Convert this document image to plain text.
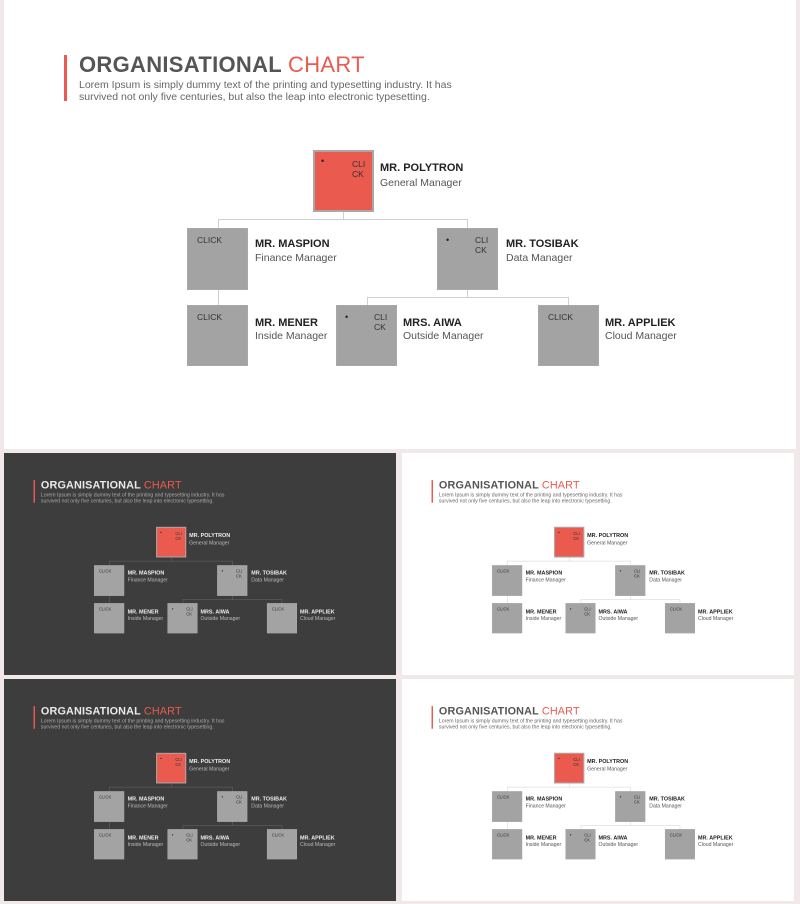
ORGANISATIONAL CHART
Lorem Ipsum is simply dummy text of the printing and typesetting industry. It has survived not only five centuries, but also the leap into electronic typesetting.
•	CLI
CK MR. POLYTRON
General Manager
CLICK	MR. MASPION
Finance Manager
•	CLI
CK MR. TOSIBAK
Data Manager
CLICK	MR. MENER
Inside Manager
•	CLI
CK MRS. AIWA
Outside Manager
CLICK	MR. APPLIEK
Cloud Manager
ORGANISATIONAL CHART
Lorem Ipsum is simply dummy text of the printing and typesetting industry. It has survived not only five centuries, but also the leap into electronic typesetting.
• CLI
CK MR. POLYTRON
General Manager
CLICK MR. MASPION
Finance Manager
• CLI
CK MR. TOSIBAK
Data Manager
CLICK MR. MENER
Inside Manager
• CLI
CK MRS. AIWA
Outside Manager
CLICK MR. APPLIEK
Cloud Manager
ORGANISATIONAL CHART
Lorem Ipsum is simply dummy text of the printing and typesetting industry. It has survived not only five centuries, but also the leap into electronic typesetting.
• CLI
CK MR. POLYTRON
General Manager
CLICK MR. MASPION
Finance Manager
• CLI
CK MR. TOSIBAK
Data Manager
CLICK MR. MENER
Inside Manager
• CLI
CK MRS. AIWA
Outside Manager
CLICK MR. APPLIEK
Cloud Manager
ORGANISATIONAL CHART
Lorem Ipsum is simply dummy text of the printing and typesetting industry. It has survived not only five centuries, but also the leap into electronic typesetting.
• CLI
CK MR. POLYTRON
General Manager
CLICK MR. MASPION
Finance Manager
• CLI
CK MR. TOSIBAK
Data Manager
CLICK MR. MENER
Inside Manager
• CLI
CK MRS. AIWA
Outside Manager
CLICK MR. APPLIEK
Cloud Manager
ORGANISATIONAL CHART
Lorem Ipsum is simply dummy text of the printing and typesetting industry. It has survived not only five centuries, but also the leap into electronic typesetting.
• CLI
CK MR. POLYTRON
General Manager
CLICK MR. MASPION
Finance Manager
• CLI
CK MR. TOSIBAK
Data Manager
CLICK MR. MENER
Inside Manager
• CLI
CK MRS. AIWA
Outside Manager
CLICK MR. APPLIEK
Cloud Manager
